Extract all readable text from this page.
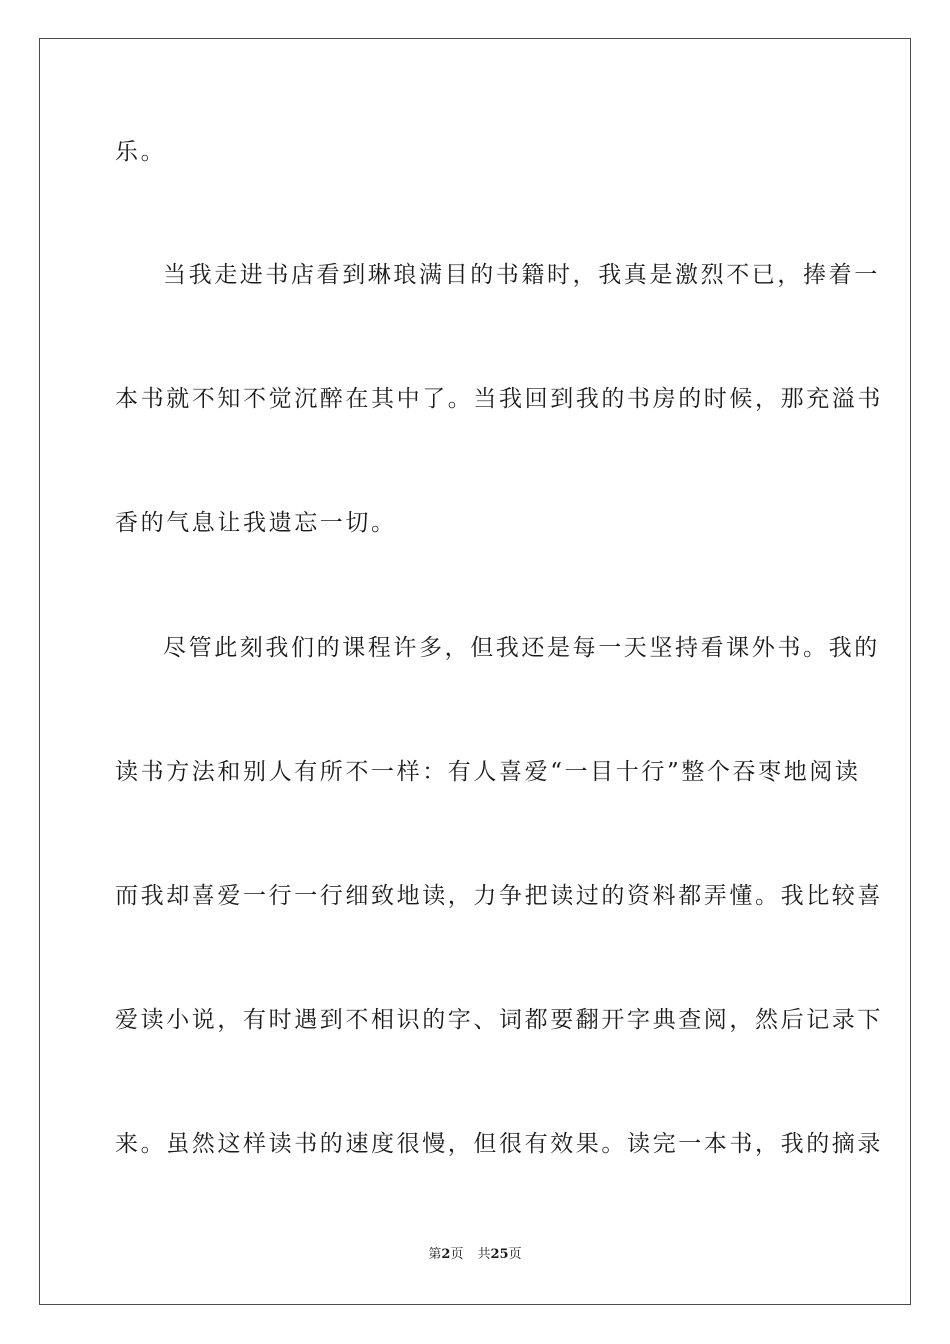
乐。
当我走进书店看到琳琅满目的书籍时，我真是激烈不已，捧着一
本书就不知不觉沉醉在其中了。当我回到我的书房的时候，那充溢书
香的气息让我遗忘一切。
尽管此刻我们的课程许多，但我还是每一天坚持看课外书。我的
读书方法和别人有所不一样：有人喜爱“一目十行”整个吞枣地阅读
而我却喜爱一行一行细致地读，力争把读过的资料都弄懂。我比较喜
爱读小说，有时遇到不相识的字、词都要翻开字典查阅，然后记录下
来。虽然这样读书的速度很慢，但很有效果。读完一本书，我的摘录
第2页 共25页
